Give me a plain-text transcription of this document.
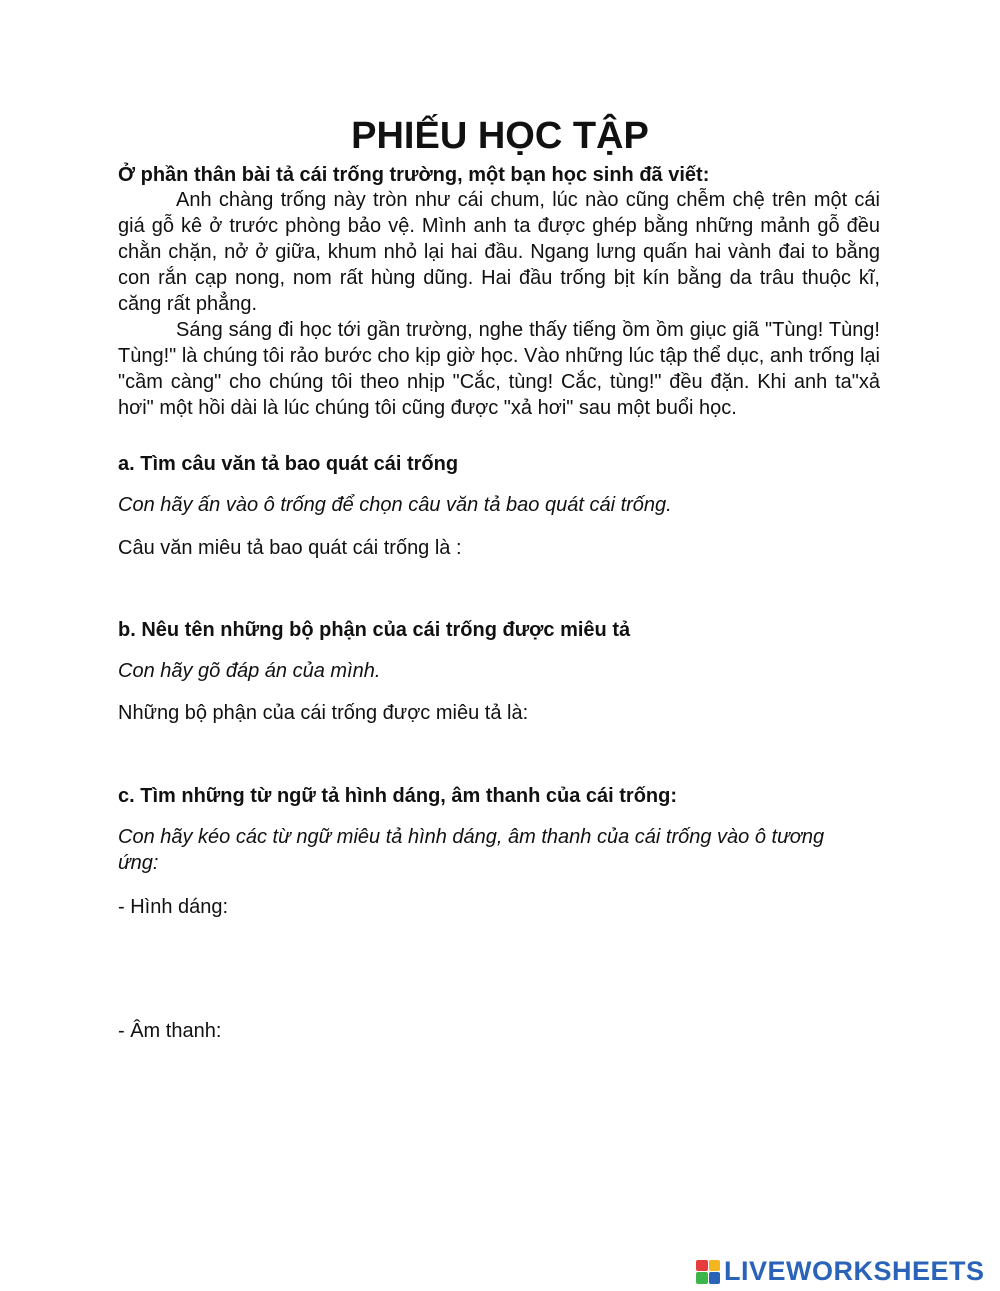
PHIẾU HỌC TẬP
Ở phần thân bài tả cái trống trường, một bạn học sinh đã viết:

Anh chàng trống này tròn như cái chum, lúc nào cũng chễm chệ trên một cái giá gỗ kê ở trước phòng bảo vệ. Mình anh ta được ghép bằng những mảnh gỗ đều chằn chặn, nở ở giữa, khum nhỏ lại hai đầu. Ngang lưng quấn hai vành đai to bằng con rắn cạp nong, nom rất hùng dũng. Hai đầu trống bịt kín bằng da trâu thuộc kĩ, căng rất phẳng.

Sáng sáng đi học tới gần trường, nghe thấy tiếng ồm ồm giục giã "Tùng! Tùng! Tùng!" là chúng tôi rảo bước cho kịp giờ học. Vào những lúc tập thể dục, anh trống lại "cầm càng" cho chúng tôi theo nhịp "Cắc, tùng! Cắc, tùng!" đều đặn. Khi anh ta"xả hơi" một hồi dài là lúc chúng tôi cũng được "xả hơi" sau một buổi học.

a. Tìm câu văn tả bao quát cái trống
Con hãy ấn vào ô trống để chọn câu văn tả bao quát cái trống.
Câu văn miêu tả bao quát cái trống là :
b. Nêu tên những bộ phận của cái trống được miêu tả
Con hãy gõ đáp án của mình.
Những bộ phận của cái trống được miêu tả là:
c. Tìm những từ ngữ tả hình dáng, âm thanh của cái trống:
Con hãy kéo các từ ngữ miêu tả hình dáng, âm thanh của cái trống vào ô tương ứng:
- Hình dáng:
- Âm thanh:
LIVEWORKSHEETS
